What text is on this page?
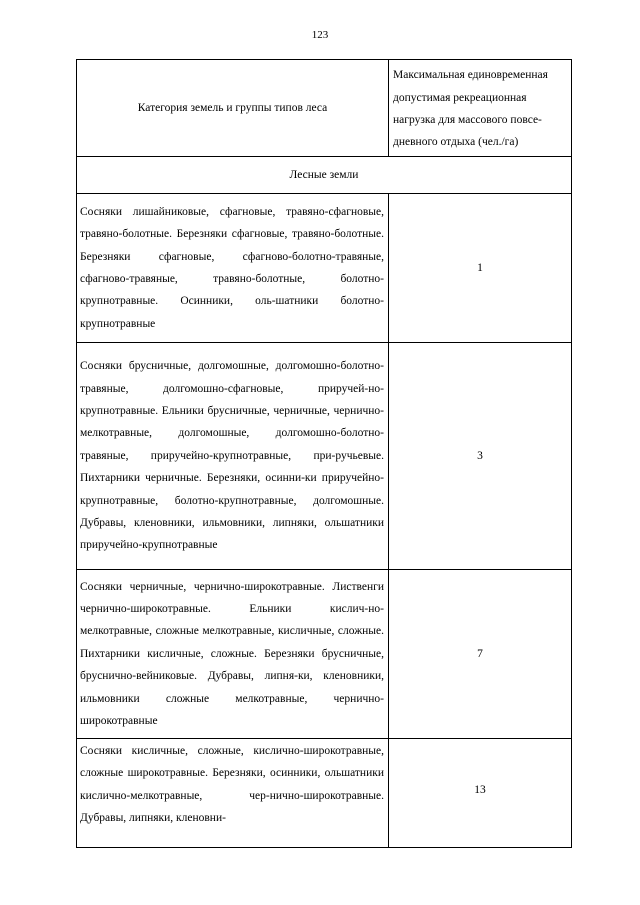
123
Категория земель и группы типов леса	Максимальная единовременная допустимая рекреационная нагрузка для массового повсе-дневного отдыха (чел./га)
Лесные земли	
Сосняки лишайниковые, сфагновые, травяно-сфагновые, травяно-болотные. Березняки сфагновые, травяно-болотные. Березняки сфагновые, сфагново-болотно-травяные, сфагново-травяные, травяно-болотные, болотно-крупнотравные. Осинники, оль-шатники болотно-крупнотравные	1
Сосняки брусничные, долгомошные, долгомошно-болотно-травяные, долгомошно-сфагновые, приручей-но-крупнотравные. Ельники брусничные, черничные, чернично-мелкотравные, долгомошные, долгомошно-болотно-травяные, приручейно-крупнотравные, при-ручьевые. Пихтарники черничные. Березняки, осинни-ки приручейно-крупнотравные, болотно-крупнотравные, долгомошные. Дубравы, кленовники, ильмовники, липняки, ольшатники приручейно-крупнотравные	3
Сосняки черничные, чернично-широкотравные. Лиственги чернично-широкотравные. Ельники кислич-но-мелкотравные, сложные мелкотравные, кисличные, сложные. Пихтарники кисличные, сложные. Березняки брусничные, бруснично-вейниковые. Дубравы, липня-ки, кленовники, ильмовники сложные мелкотравные, чернично-широкотравные	7
Сосняки кисличные, сложные, кислично-широкотравные, сложные широкотравные. Березняки, осинники, ольшатники кислично-мелкотравные, чер-нично-широкотравные. Дубравы, липняки, кленовни-	13
